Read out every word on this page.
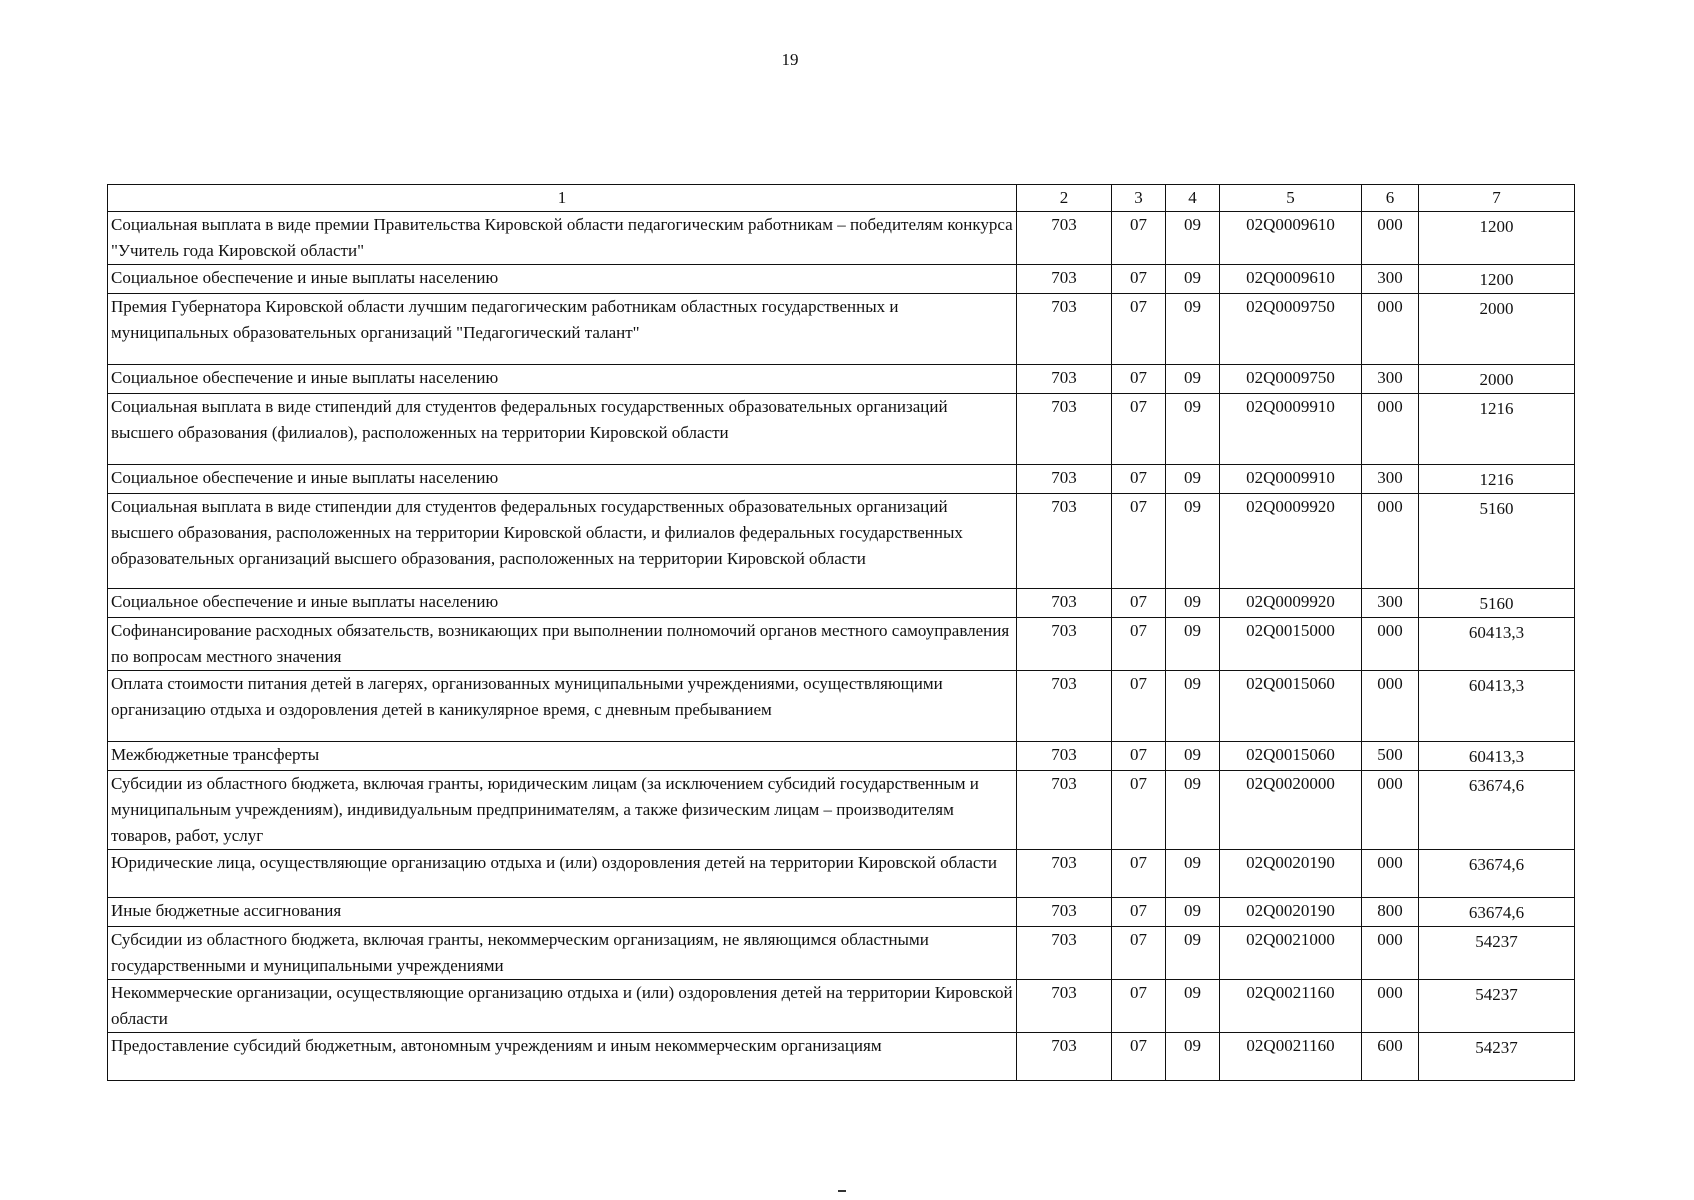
19
1	2	3	4	5	6	7
Социальная выплата в виде премии Правительства Кировской области педагогическим работникам – победителям конкурса "Учитель года Кировской области"	703	07	09	02Q0009610	000	1200
Социальное обеспечение и иные выплаты населению	703	07	09	02Q0009610	300	1200
Премия Губернатора Кировской области лучшим педагогическим работникам областных государственных и муниципальных образовательных организаций "Педагогический талант"	703	07	09	02Q0009750	000	2000
Социальное обеспечение и иные выплаты населению	703	07	09	02Q0009750	300	2000
Социальная выплата в виде стипендий для студентов федеральных государственных образовательных организаций высшего образования (филиалов), расположенных на территории Кировской области	703	07	09	02Q0009910	000	1216
Социальное обеспечение и иные выплаты населению	703	07	09	02Q0009910	300	1216
Социальная выплата в виде стипендии для студентов федеральных государственных образовательных организаций высшего образования, расположенных на территории Кировской области, и филиалов федеральных государственных образовательных организаций высшего образования, расположенных на территории Кировской области	703	07	09	02Q0009920	000	5160
Социальное обеспечение и иные выплаты населению	703	07	09	02Q0009920	300	5160
Софинансирование расходных обязательств, возникающих при выполнении полномочий органов местного самоуправления по вопросам местного значения	703	07	09	02Q0015000	000	60413,3
Оплата стоимости питания детей в лагерях, организованных муниципальными учреждениями, осуществляющими организацию отдыха и оздоровления детей в каникулярное время, с дневным пребыванием	703	07	09	02Q0015060	000	60413,3
Межбюджетные трансферты	703	07	09	02Q0015060	500	60413,3
Субсидии из областного бюджета, включая гранты, юридическим лицам (за исключением субсидий государственным и муниципальным учреждениям), индивидуальным предпринимателям, а также физическим лицам – производителям товаров, работ, услуг	703	07	09	02Q0020000	000	63674,6
Юридические лица, осуществляющие организацию отдыха и (или) оздоровления детей на территории Кировской области	703	07	09	02Q0020190	000	63674,6
Иные бюджетные ассигнования	703	07	09	02Q0020190	800	63674,6
Субсидии из областного бюджета, включая гранты, некоммерческим организациям, не являющимся областными государственными и муниципальными учреждениями	703	07	09	02Q0021000	000	54237
Некоммерческие организации, осуществляющие организацию отдыха и (или) оздоровления детей на территории Кировской области	703	07	09	02Q0021160	000	54237
Предоставление субсидий бюджетным, автономным учреждениям и иным некоммерческим организациям	703	07	09	02Q0021160	600	54237
